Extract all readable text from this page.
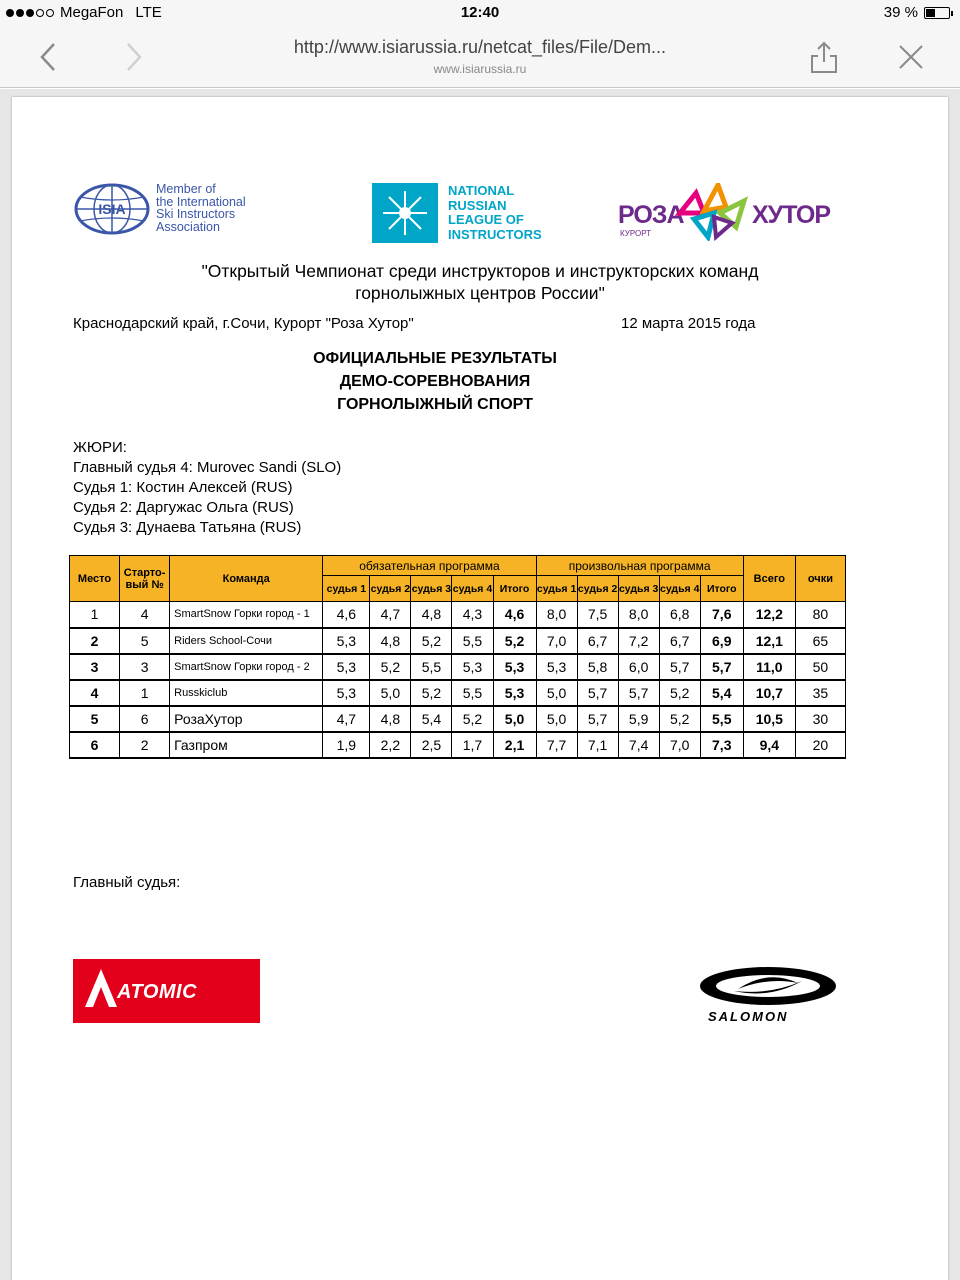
MegaFon LTE	12:40	39 %
http://www.isiarussia.ru/netcat_files/File/Dem...
www.isiarussia.ru
ISIA
Member of
the International
Ski Instructors
Association
NATIONAL
RUSSIAN
LEAGUE OF
INSTRUCTORS
РОЗА	ХУТОР
КУРОРТ
"Открытый Чемпионат среди инструкторов и инструкторских команд
горнолыжных центров России"
Краснодарский край, г.Сочи, Курорт "Роза Хутор"	12 марта 2015 года
ОФИЦИАЛЬНЫЕ РЕЗУЛЬТАТЫ
ДЕМО-СОРЕВНОВАНИЯ
ГОРНОЛЫЖНЫЙ СПОРТ
ЖЮРИ:
Главный судья 4: Murovec Sandi (SLO)
Судья 1: Костин Алексей (RUS)
Судья 2: Даргужас Ольга (RUS)
Судья 3: Дунаева Татьяна (RUS)
Место	Старто-вый №	Команда	обязательная программа					произвольная программа					Всего	очки
			судья 1	судья 2	судья 3	судья 4	Итого	судья 1	судья 2	судья 3	судья 4	Итого		
1	4	SmartSnow Горки город - 1	4,6	4,7	4,8	4,3	4,6	8,0	7,5	8,0	6,8	7,6	12,2	80
2	5	Riders School-Сочи	5,3	4,8	5,2	5,5	5,2	7,0	6,7	7,2	6,7	6,9	12,1	65
3	3	SmartSnow Горки город - 2	5,3	5,2	5,5	5,3	5,3	5,3	5,8	6,0	5,7	5,7	11,0	50
4	1	Russkiclub	5,3	5,0	5,2	5,5	5,3	5,0	5,7	5,7	5,2	5,4	10,7	35
5	6	РозаХутор	4,7	4,8	5,4	5,2	5,0	5,0	5,7	5,9	5,2	5,5	10,5	30
6	2	Газпром	1,9	2,2	2,5	1,7	2,1	7,7	7,1	7,4	7,0	7,3	9,4	20
Главный судья:
ATOMIC
SALOMON
